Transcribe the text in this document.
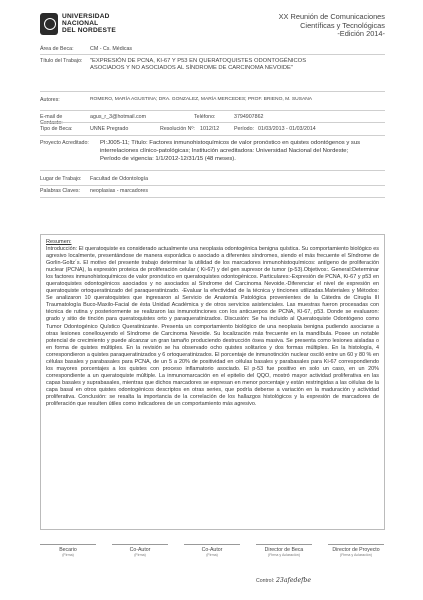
UNIVERSIDAD
NACIONAL
DEL NORDESTE
XX Reunión de Comunicaciones
Científicas y Tecnológicas
-Edición 2014-
Área de Beca:	CM - Cs. Médicas
Título del Trabajo: "EXPRESIÓN DE PCNA, KI-67 Y P53 EN QUERATOQUISTES ODONTOGÉNICOS
ASOCIADOS Y NO ASOCIADOS AL SÍNDROME DE CARCINOMA NEVOIDE"
Autores:	ROMERO, MARÍA AGUSTINA; DRA. GONZALEZ, MARÍA MERCEDES; PROF. BRIENO, M. SUSANA
E-mail de Contacto:
agus_r_3@hotmail.com	Teléfono:	3794907862
Tipo de Beca:	UNNE Pregrado	Resolución Nº: 1012/12	Período: 01/03/2013 - 01/03/2014
Proyecto Acreditado: PI:J005-11; Título: Factores inmunohistoquímicos de valor pronóstico en quistes odontógenos y sus interrelaciones clínico-patológicas; Institución acreditadora: Universidad Nacional del Nordeste; Período de vigencia: 1/1/2012-12/31/15 (48 meses).
Lugar de Trabajo:	Facultad de Odontología
Palabras Claves:	neoplasias - marcadores
Resumen:
Introducción: El queratoquiste es considerado actualmente una neoplasia odontogénica benigna quística. Su comportamiento biológico es agresivo localmente, presentándose de manera esporádica o asociado a diferentes síndromes, siendo el más frecuente el Síndrome de Gorlin-Goltz´s. El motivo del presente trabajo determinar la utilidad de los marcadores inmunohistoquímicos: antígeno de proliferación nuclear (PCNA), la expresión proteica de proliferación celular ( Ki-67) y del gen supresor de tumor (p-53).Objetivos:. General:Determinar los factores inmunohistoquímicos de valor pronóstico en queratoquistes odontogénicos. Particulares:-Expresión de PCNA, Ki-67 y p53 en queratoquistes odontogénicos asociados y no asociados al Síndrome del Carcinoma Nevoide.-Diferenciar el nivel de expresión en queratoquiste ortoqueratinizado del paraqueratinizado. -Evaluar la efectividad de la técnica y tinciones utilizadas.Materiales y Métodos: Se analizaron 10 queratoquistes que ingresaron al Servicio de Anatomía Patológica provenientes de la Cátedra de Cirugía III Traumatología Buco-Maxilo-Facial de ésta Unidad Académica y de otros servicios asistenciales. Las muestras fueron procesadas con técnica de rutina y posteriormente se realizaron las inmunotinciones con los anticuerpos de PCNA, KI-67, p53. Donde se evaluaron: grado y sitio de tinción para queratoquistes orto y paraqueratinizados. Discusión: Se ha incluido al Queratoquiste Odontógeno como Tumor Odontogénico Quístico Queratinizante. Presenta un comportamiento biológico de una neoplasia benigna pudiendo asociarse a otras lesiones conellouyendo el Síndrome de Carcinoma Nevoide. Su localización más frecuente en la mandíbula. Posee un notable potencial de crecimiento y puede alcanzar un gran tamaño produciendo destrucción ósea masiva. Se presenta como lesiones aisladas o en forma de quistes múltiples. En la revisión se ha observado ocho quistes solitarios y dos formas múltiples. En la histología, 4 correspondieron a quistes paraqueratinizados y 6 ortoqueratinizados. El porcentaje de inmunotinción nuclear osciló entre un 60 y 80 % en células basales y parabasales para PCNA, de un 5 a 20% de positividad en células basales y parabasales para Ki-67 correspondiendo los mayores porcentajes a los quistes con proceso inflamatorio asociado. El p-53 fue positivo en solo un caso, en un 20% correspondiente a un queratoquiste múltiple. La inmunomarcación en el epitelio del QQO, mostró mayor actividad proliferativa en las capas basales y suprabasales, mientras que dichos marcadores se expresan en menor porcentaje y están restringidas a las células de la capa basal en otros quistes odontogénicos descriptos en otras series, que podría deberse a variación en la maduración y actividad proliferativa. Conclusión: se resalta la importancia de la correlación de los hallazgos histológicos y la expresión de marcadores de proliferación que resulten útiles como indicadores de un comportamiento más agresivo.
Becario
(Firma)
Co-Autor
(Firma)
Co-Autor
(Firma)
Director de Beca
(Firma y Aclaración)
Director de Proyecto
(Firma y Aclaración)
Control: 23afedefbe
